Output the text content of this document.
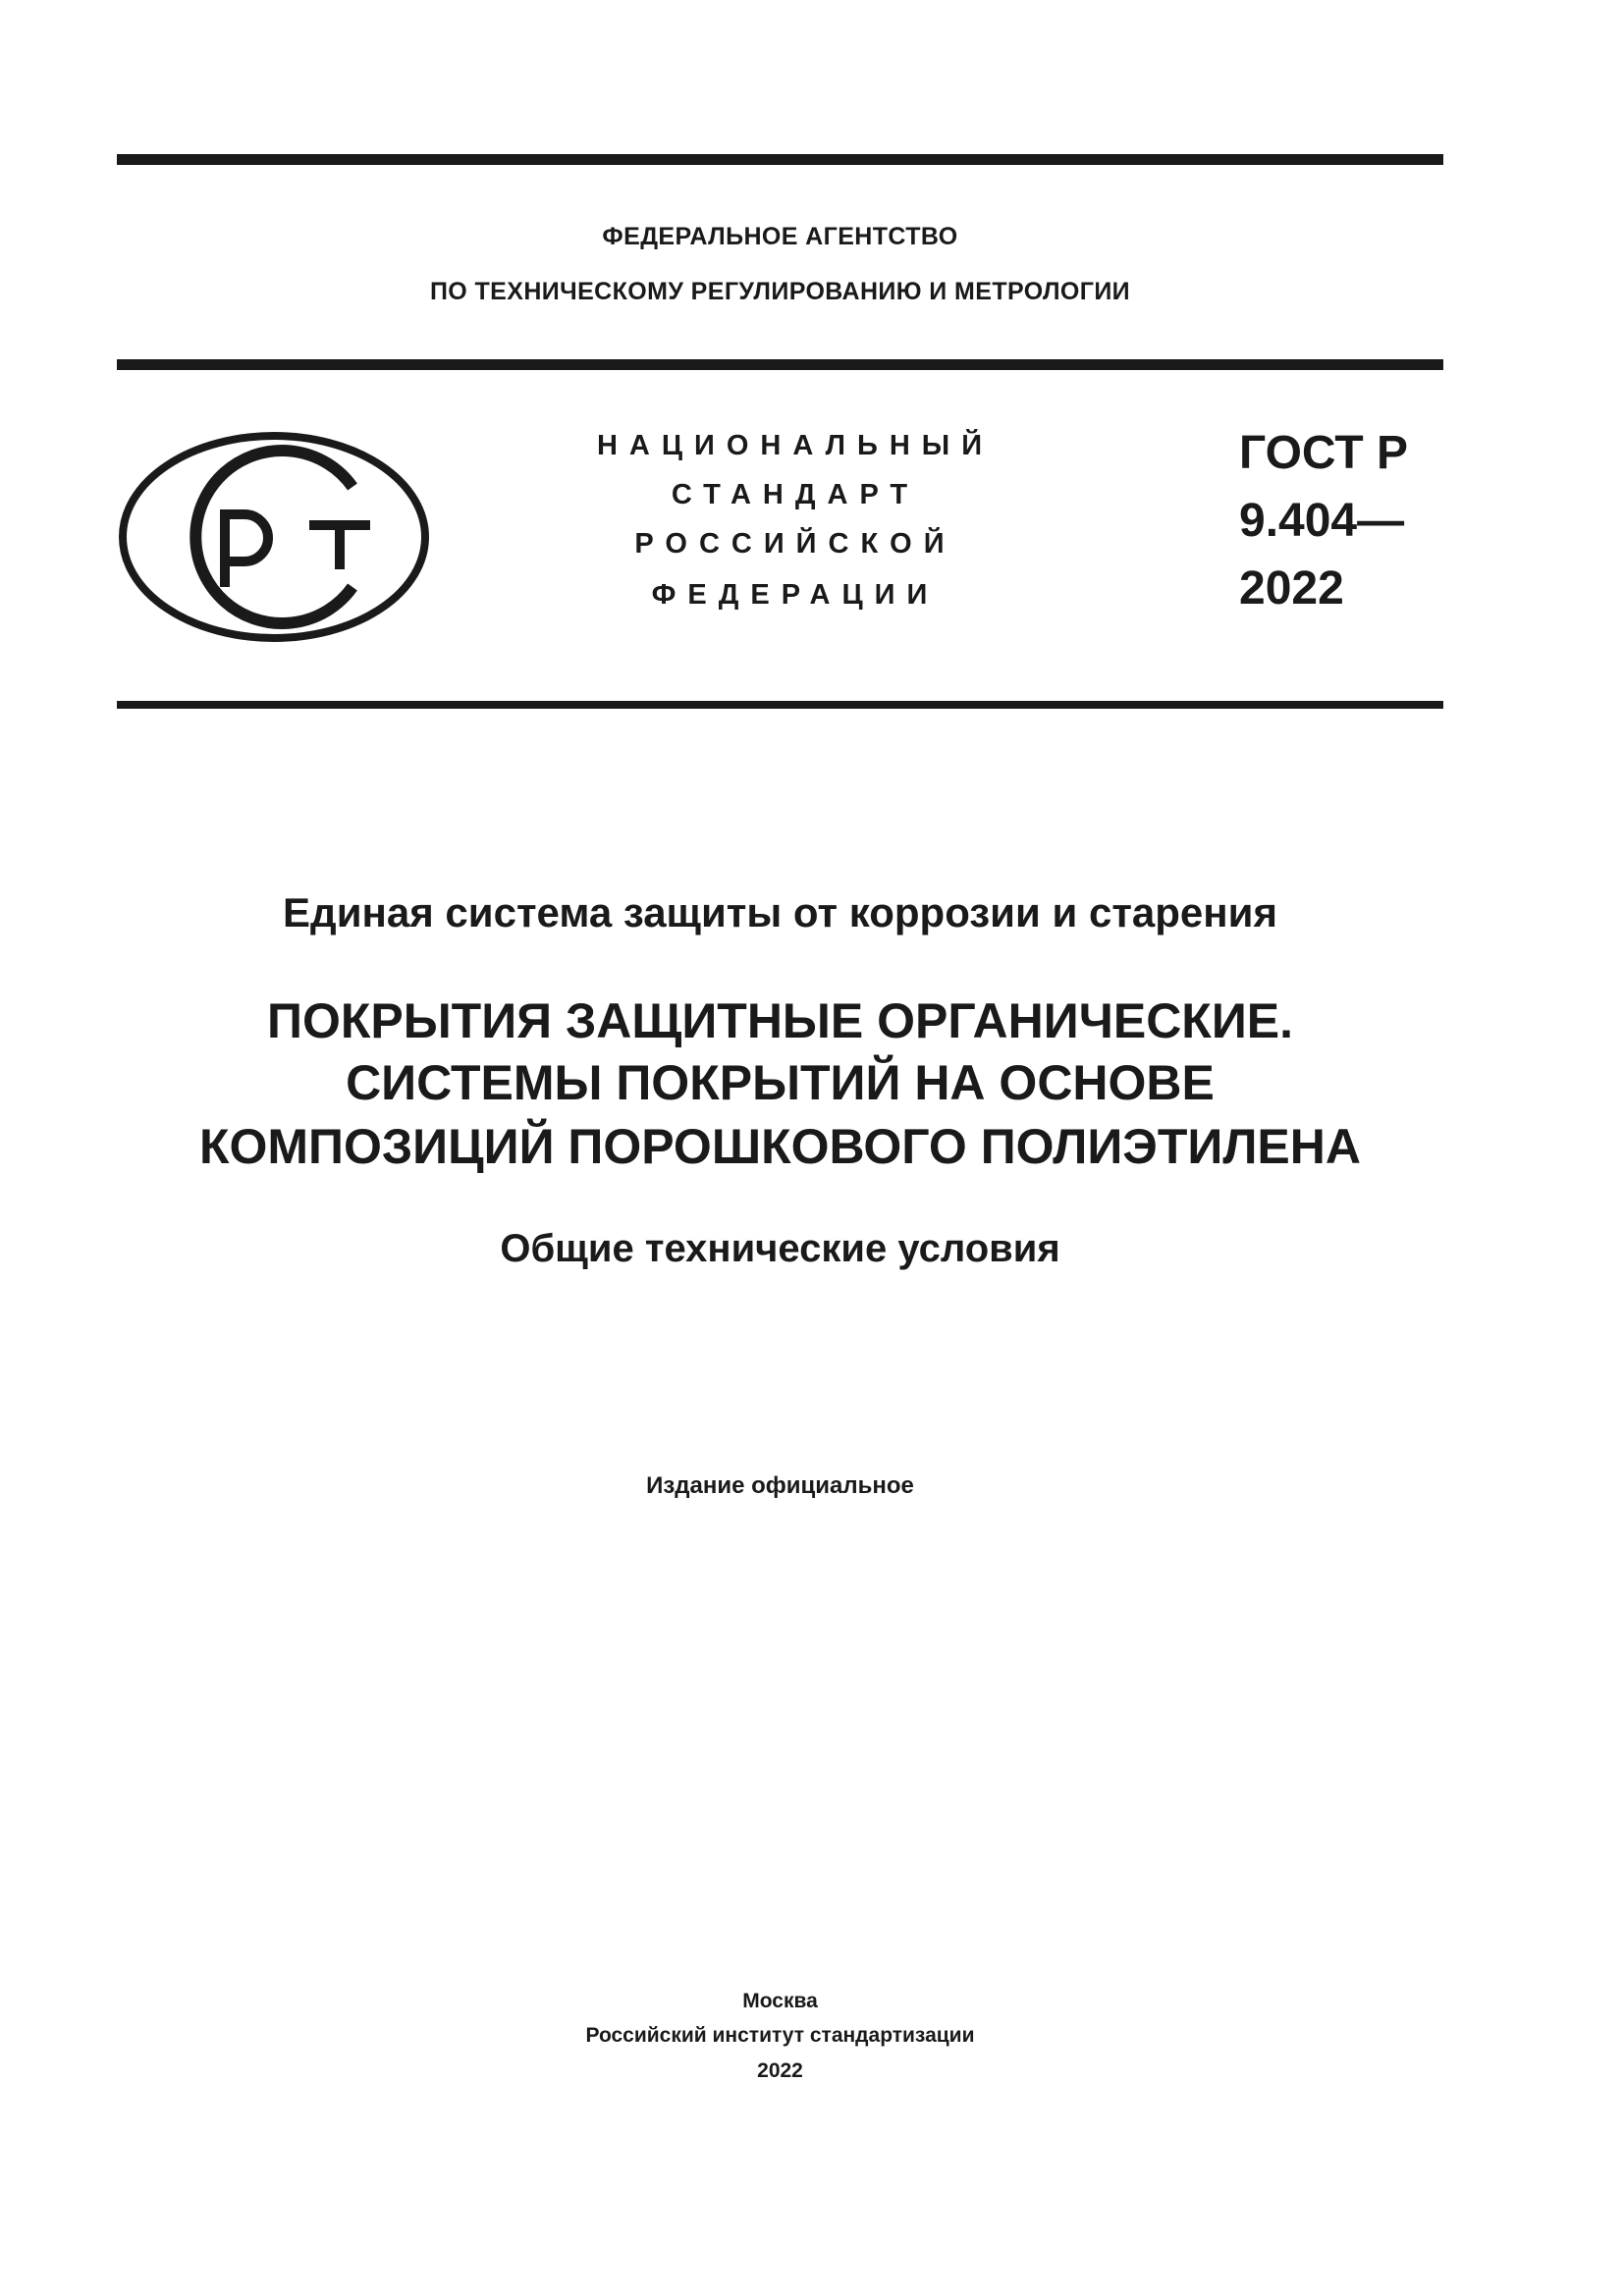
ФЕДЕРАЛЬНОЕ АГЕНТСТВО
ПО ТЕХНИЧЕСКОМУ РЕГУЛИРОВАНИЮ И МЕТРОЛОГИИ
НАЦИОНАЛЬНЫЙ
СТАНДАРТ
РОССИЙСКОЙ
ФЕДЕРАЦИИ
ГОСТ Р
9.404—
2022
Единая система защиты от коррозии и старения
ПОКРЫТИЯ ЗАЩИТНЫЕ ОРГАНИЧЕСКИЕ.
СИСТЕМЫ ПОКРЫТИЙ НА ОСНОВЕ
КОМПОЗИЦИЙ ПОРОШКОВОГО ПОЛИЭТИЛЕНА
Общие технические условия
Издание официальное
Москва
Российский институт стандартизации
2022
